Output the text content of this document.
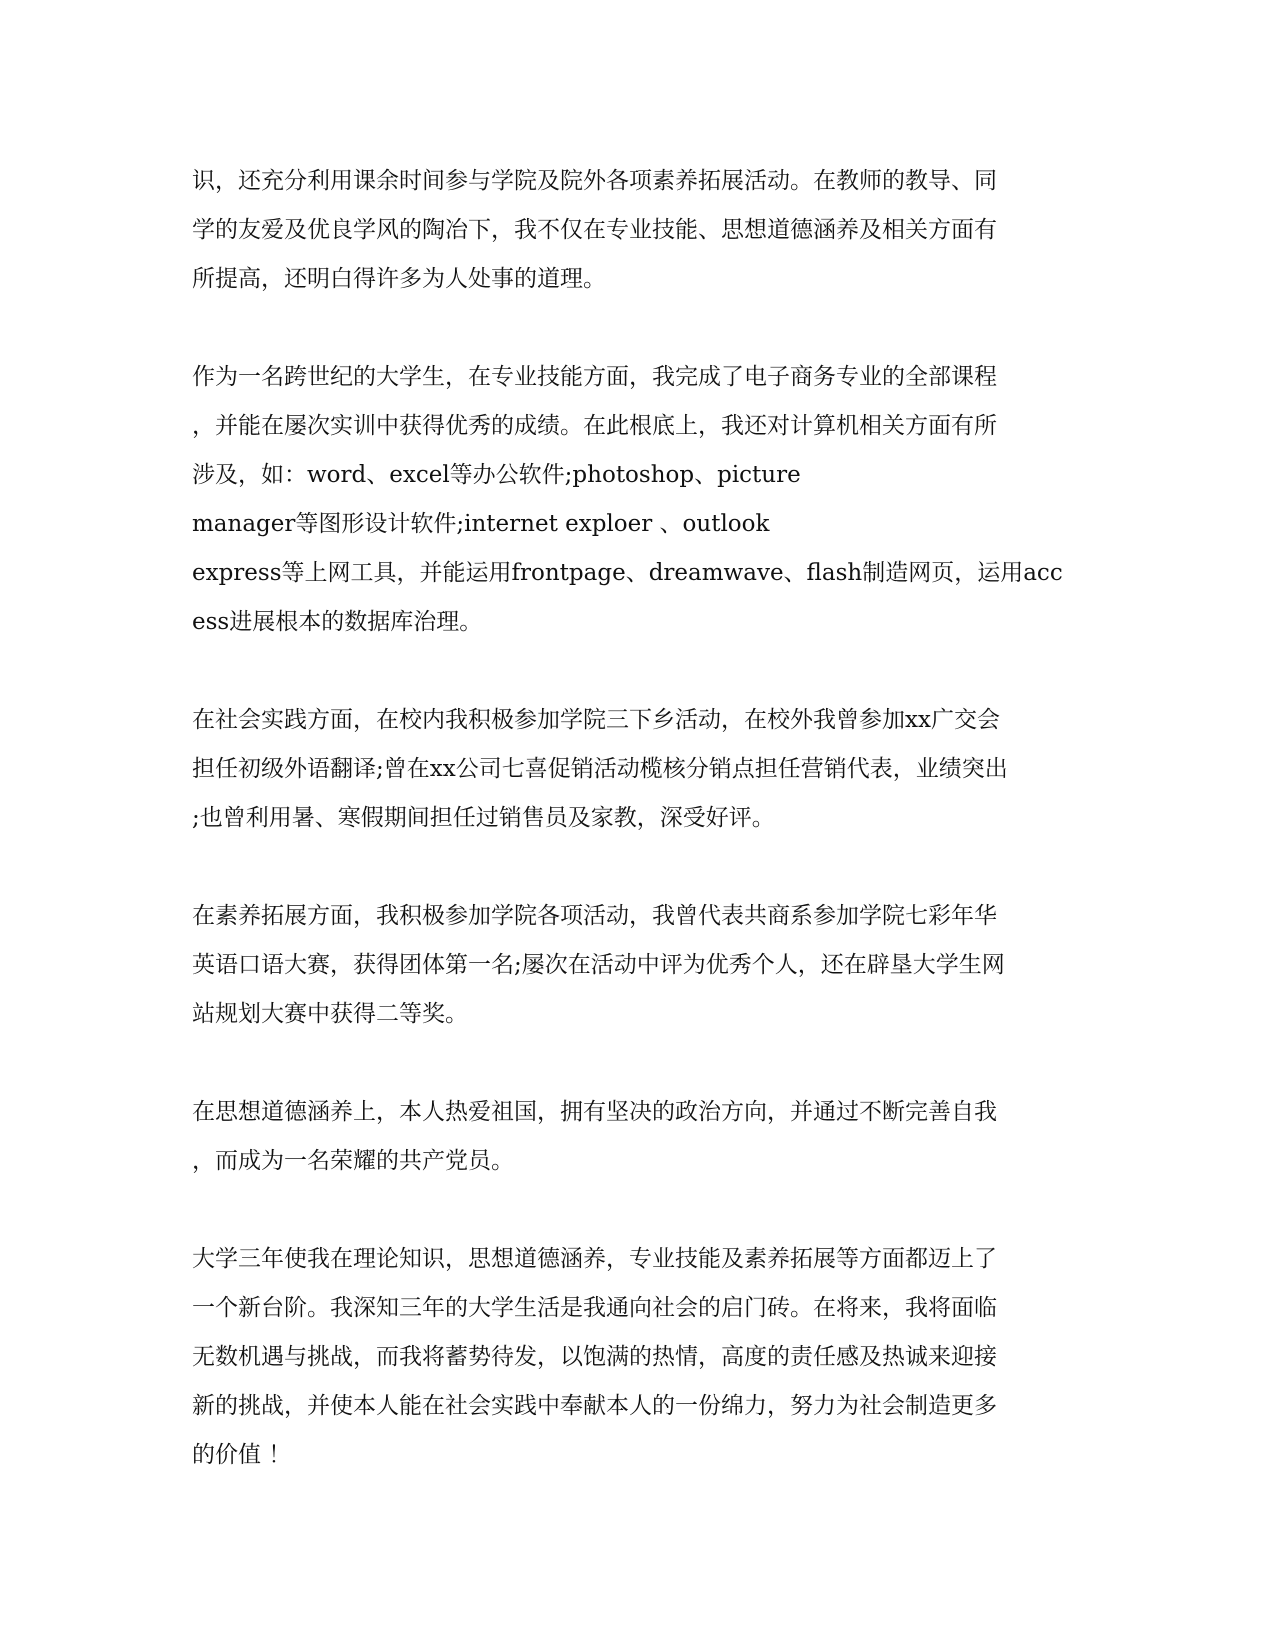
识，还充分利用课余时间参与学院及院外各项素养拓展活动。在教师的教导、同
学的友爱及优良学风的陶冶下，我不仅在专业技能、思想道德涵养及相关方面有
所提高，还明白得许多为人处事的道理。
作为一名跨世纪的大学生，在专业技能方面，我完成了电子商务专业的全部课程
，并能在屡次实训中获得优秀的成绩。在此根底上，我还对计算机相关方面有所
涉及，如：word、excel等办公软件;photoshop、picture
manager等图形设计软件;internet exploer 、outlook
express等上网工具，并能运用frontpage、dreamwave、flash制造网页，运用acc
ess进展根本的数据库治理。
在社会实践方面，在校内我积极参加学院三下乡活动，在校外我曾参加xx广交会
担任初级外语翻译;曾在xx公司七喜促销活动榄核分销点担任营销代表，业绩突出
;也曾利用暑、寒假期间担任过销售员及家教，深受好评。
在素养拓展方面，我积极参加学院各项活动，我曾代表共商系参加学院七彩年华
英语口语大赛，获得团体第一名;屡次在活动中评为优秀个人，还在辟垦大学生网
站规划大赛中获得二等奖。
在思想道德涵养上，本人热爱祖国，拥有坚决的政治方向，并通过不断完善自我
，而成为一名荣耀的共产党员。
大学三年使我在理论知识，思想道德涵养，专业技能及素养拓展等方面都迈上了
一个新台阶。我深知三年的大学生活是我通向社会的启门砖。在将来，我将面临
无数机遇与挑战，而我将蓄势待发，以饱满的热情，高度的责任感及热诚来迎接
新的挑战，并使本人能在社会实践中奉献本人的一份绵力，努力为社会制造更多
的价值 ！
